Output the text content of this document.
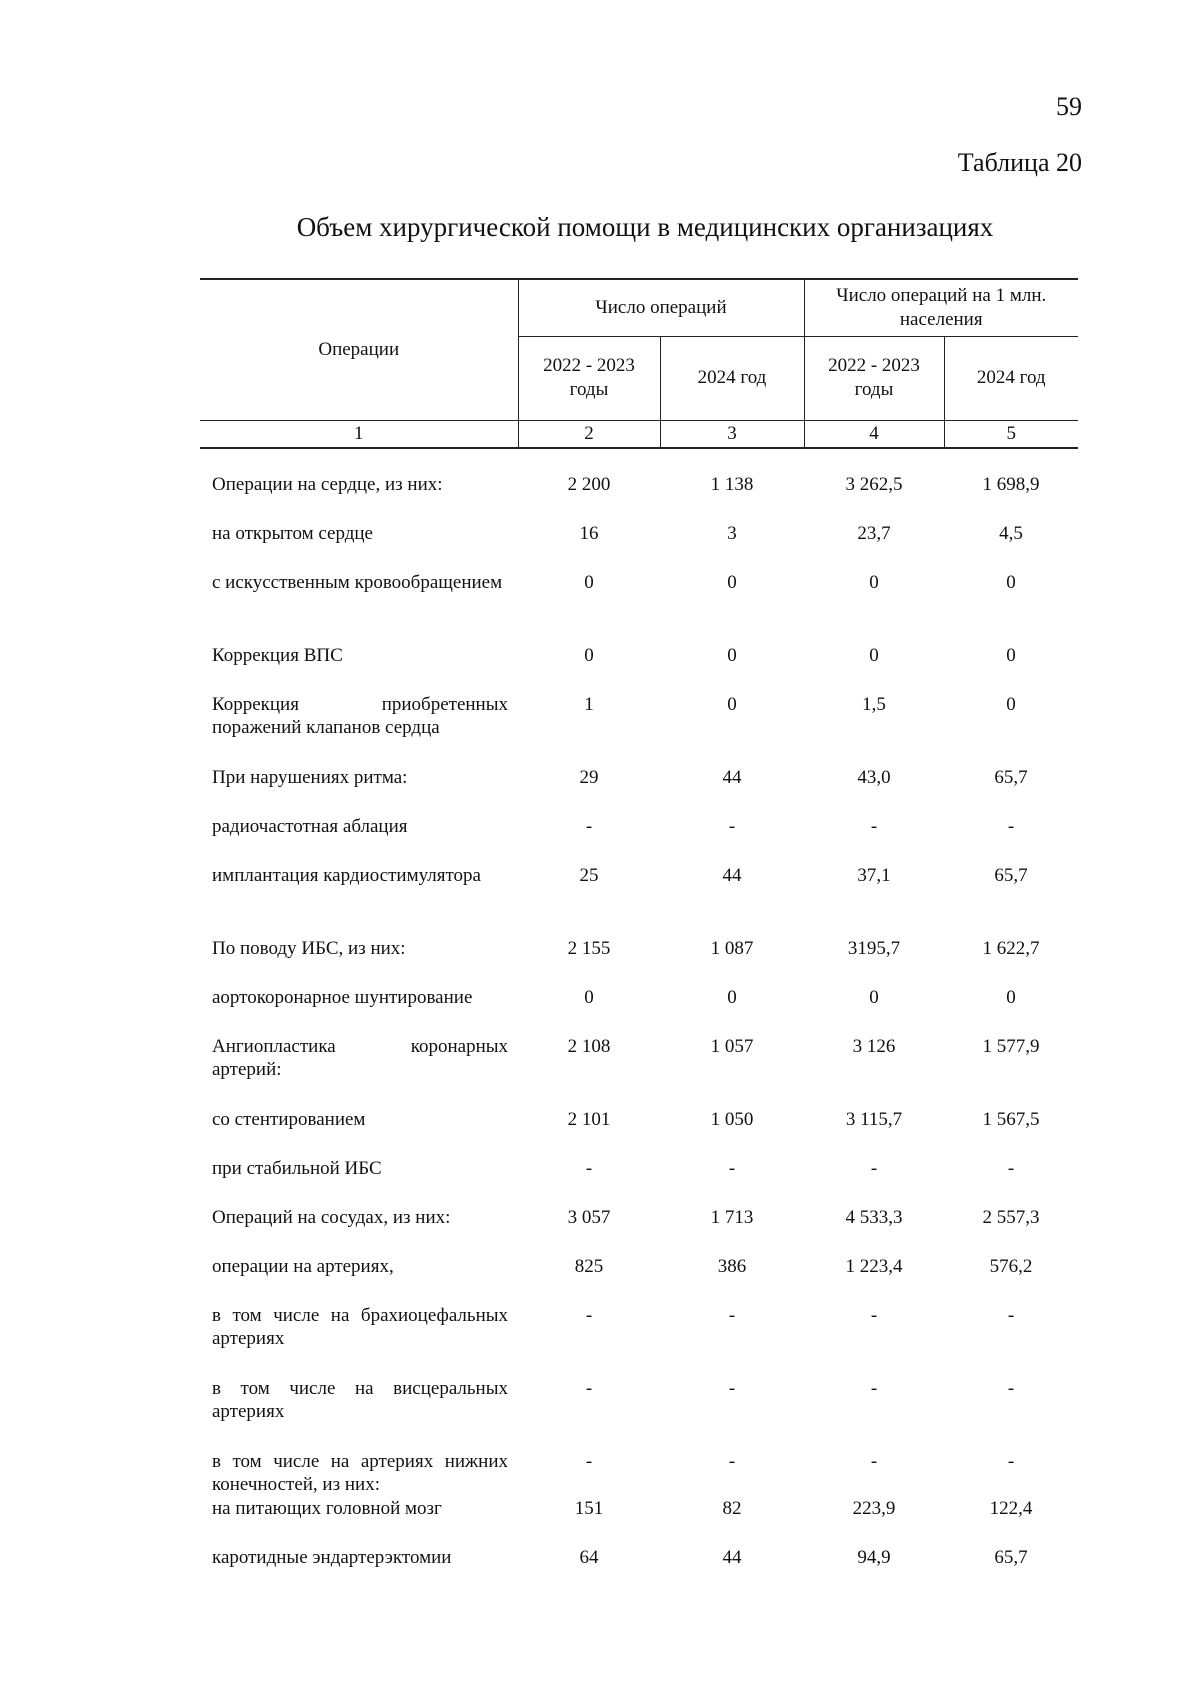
59
Таблица 20
Объем хирургической помощи в медицинских организациях
Операции	Число операций		Число операций на 1 млн. населения	
	2022 - 2023 годы	2024 год	2022 - 2023 годы	2024 год
1	2	3	4	5

Операции на сердце, из них:	2 200	1 138	3 262,5	1 698,9
на открытом сердце	16	3	23,7	4,5
с искусственным кровообращением	0	0	0	0
Коррекция ВПС	0	0	0	0
Коррекция приобретенных поражений клапанов сердца	1	0	1,5	0
При нарушениях ритма:	29	44	43,0	65,7
радиочастотная аблация	-	-	-	-
имплантация кардиостимулятора	25	44	37,1	65,7
По поводу ИБС, из них:	2 155	1 087	3195,7	1 622,7
аортокоронарное шунтирование	0	0	0	0
Ангиопластика коронарных артерий:	2 108	1 057	3 126	1 577,9
со стентированием	2 101	1 050	3 115,7	1 567,5
при стабильной ИБС	-	-	-	-
Операций на сосудах, из них:	3 057	1 713	4 533,3	2 557,3
операции на артериях,	825	386	1 223,4	576,2
в том числе на брахиоцефальных артериях	-	-	-	-
в том числе на висцеральных артериях	-	-	-	-
в том числе на артериях нижних конечностей, из них:	-	-	-	-
на питающих головной мозг	151	82	223,9	122,4
каротидные эндартерэктомии	64	44	94,9	65,7
